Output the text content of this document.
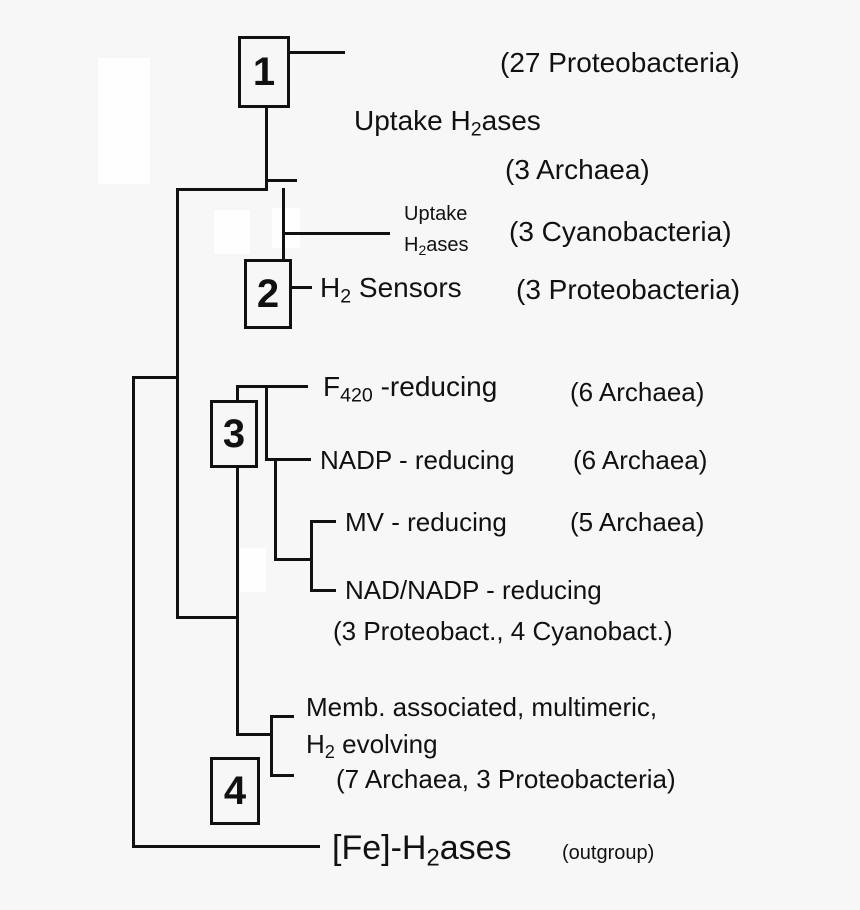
1
2
3
4
(27 Proteobacteria)
Uptake $H_2ases$
(3 Archaea)
Uptake
$H_2ases$ (3 Cyanobacteria)
$H_2$ Sensors (3 Proteobacteria)
$F_{420}$ -reducing	(6 Archaea)
NADP - reducing (6 Archaea)
MV - reducing (5 Archaea)
NAD/NADP - reducing
(3 Proteobact., 4 Cyanobact.)
Memb. associated, multimeric,
$H_2$ evolving
(7 Archaea, 3 Proteobacteria)
$[Fe]-H_2ases$	(outgroup)
